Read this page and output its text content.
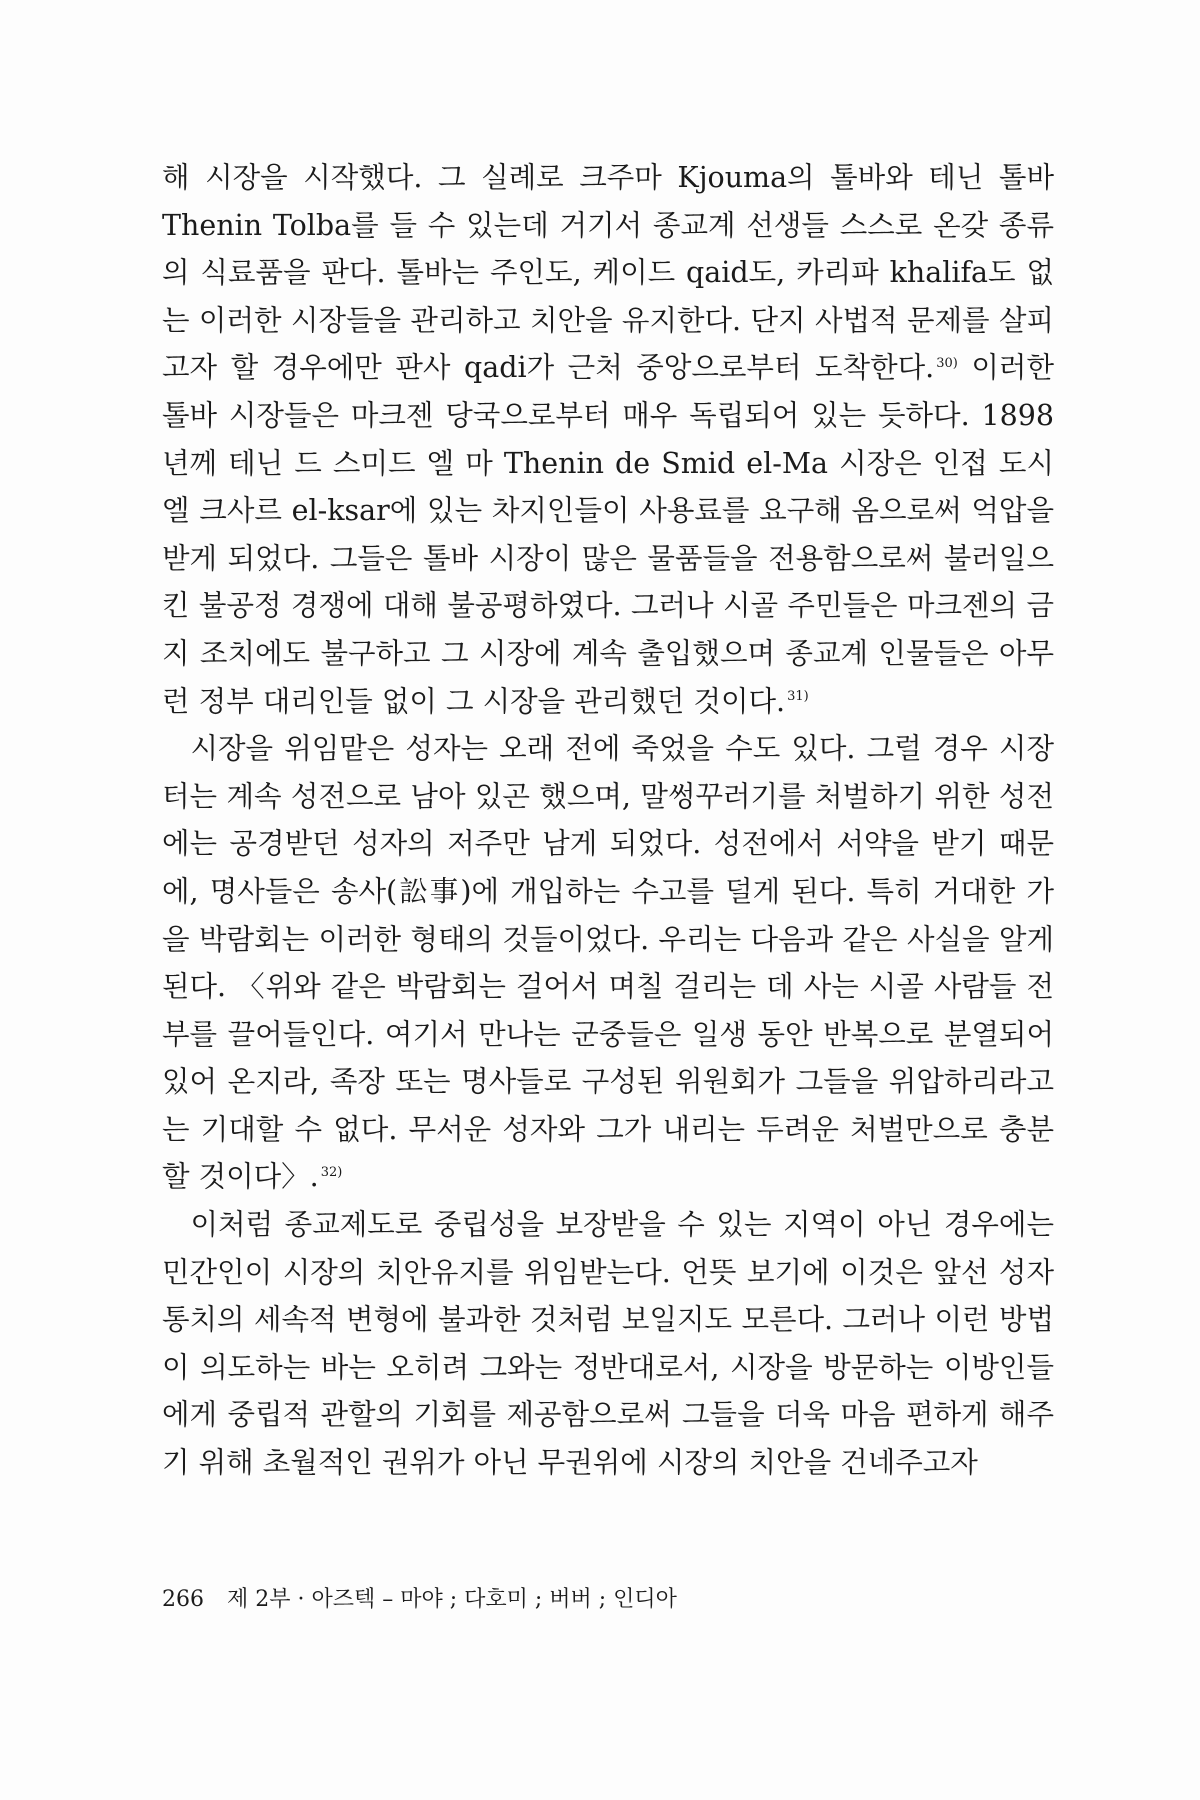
해 시장을 시작했다. 그 실례로 크주마 Kjouma의 톨바와 테닌 톨바 Thenin Tolba를 들 수 있는데 거기서 종교계 선생들 스스로 온갖 종류의 식료품을 판다. 톨바는 주인도, 케이드 qaid도, 카리파 khalifa도 없는 이러한 시장들을 관리하고 치안을 유지한다. 단지 사법적 문제를 살피고자 할 경우에만 판사 qadi가 근처 중앙으로부터 도착한다. $^{30)}$ 이러한 톨바 시장들은 마크젠 당국으로부터 매우 독립되어 있는 듯하다. 1898년께 테닌 드 스미드 엘 마 Thenin de Smid el-Ma 시장은 인접 도시 엘 크사르 el-ksar에 있는 차지인들이 사용료를 요구해 옴으로써 억압을 받게 되었다. 그들은 톨바 시장이 많은 물품들을 전용함으로써 불러일으킨 불공정 경쟁에 대해 불공평하였다. 그러나 시골 주민들은 마크젠의 금지 조치에도 불구하고 그 시장에 계속 출입했으며 종교계 인물들은 아무런 정부 대리인들 없이 그 시장을 관리했던 것이다. $^{31)}$

시장을 위임맡은 성자는 오래 전에 죽었을 수도 있다. 그럴 경우 시장터는 계속 성전으로 남아 있곤 했으며, 말썽꾸러기를 처벌하기 위한 성전에는 공경받던 성자의 저주만 남게 되었다. 성전에서 서약을 받기 때문에, 명사들은 송사(訟事)에 개입하는 수고를 덜게 된다. 특히 거대한 가을 박람회는 이러한 형태의 것들이었다. 우리는 다음과 같은 사실을 알게 된다. 〈위와 같은 박람회는 걸어서 며칠 걸리는 데 사는 시골 사람들 전부를 끌어들인다. 여기서 만나는 군중들은 일생 동안 반복으로 분열되어 있어 온지라, 족장 또는 명사들로 구성된 위원회가 그들을 위압하리라고는 기대할 수 없다. 무서운 성자와 그가 내리는 두려운 처벌만으로 충분할 것이다〉. $^{32)}$

이처럼 종교제도로 중립성을 보장받을 수 있는 지역이 아닌 경우에는 민간인이 시장의 치안유지를 위임받는다. 언뜻 보기에 이것은 앞선 성자 통치의 세속적 변형에 불과한 것처럼 보일지도 모른다. 그러나 이런 방법이 의도하는 바는 오히려 그와는 정반대로서, 시장을 방문하는 이방인들에게 중립적 관할의 기회를 제공함으로써 그들을 더욱 마음 편하게 해주기 위해 초월적인 권위가 아닌 무권위에 시장의 치안을 건네주고자

266 제 2부 · 아즈텍 – 마야 ; 다호미 ; 버버 ; 인디아
